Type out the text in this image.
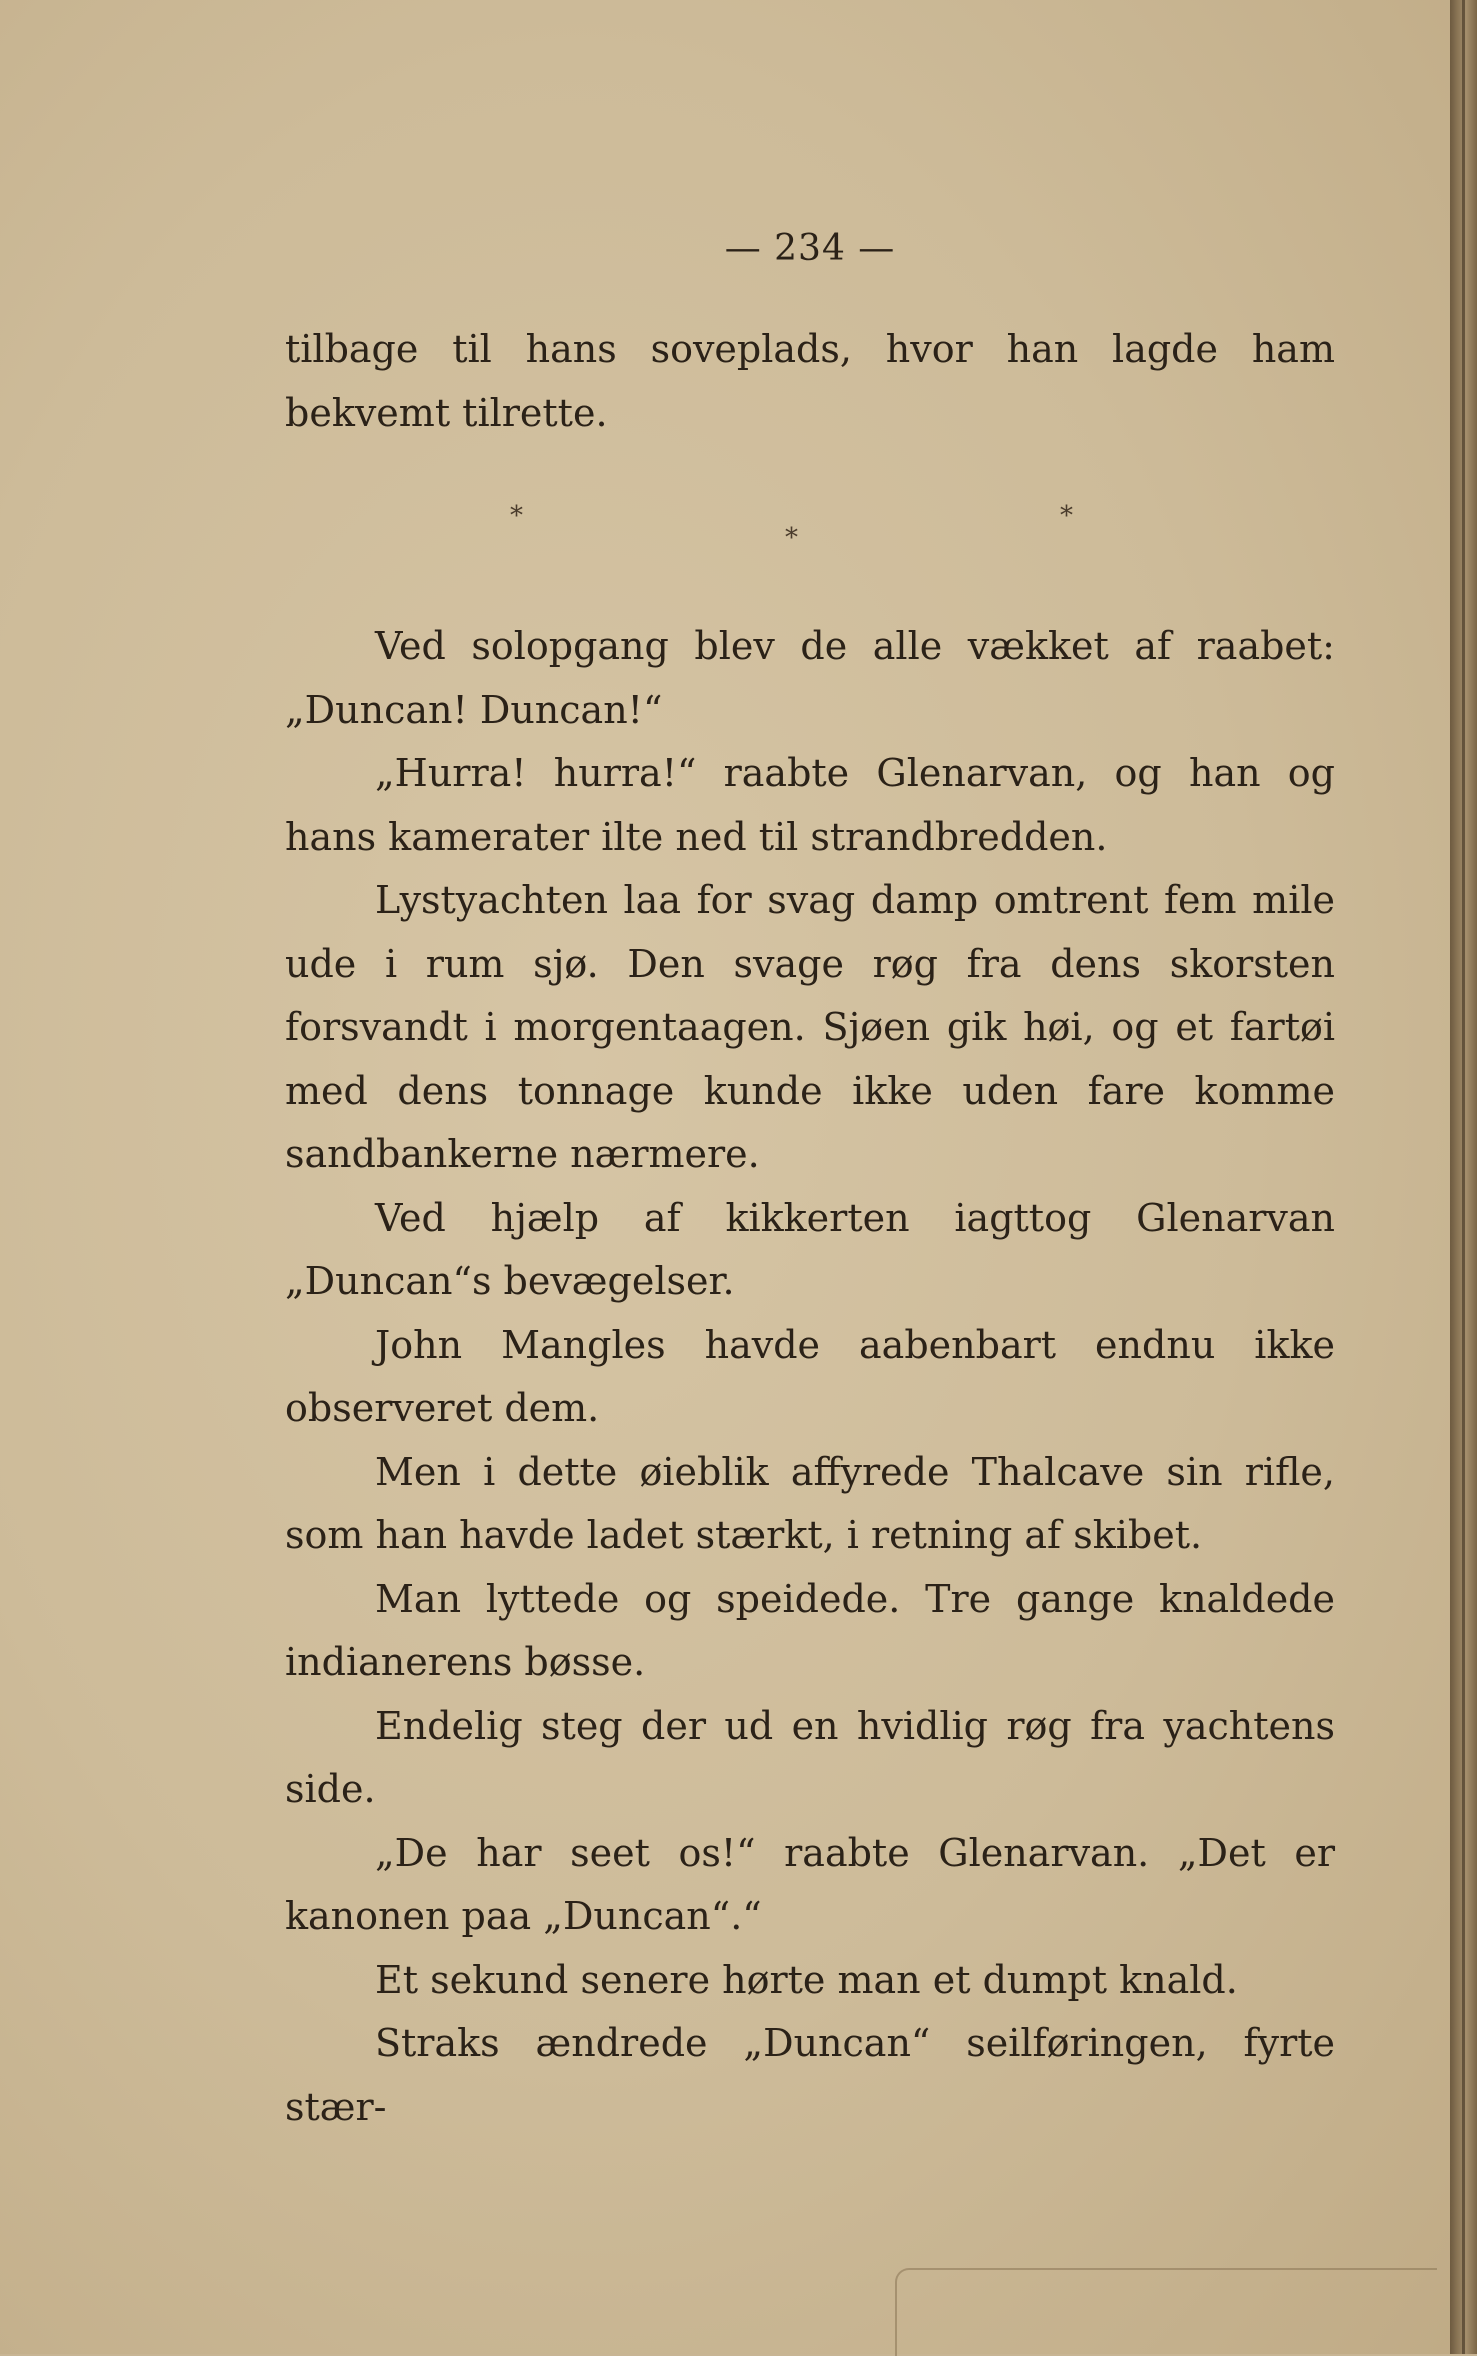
— 234 —

tilbage til hans soveplads, hvor han lagde ham bekvemt tilrette.

*
*
*

Ved solopgang blev de alle vækket af raabet: „Duncan! Duncan!“

„Hurra! hurra!“ raabte Glenarvan, og han og hans kamerater ilte ned til strandbredden.

Lystyachten laa for svag damp omtrent fem mile ude i rum sjø. Den svage røg fra dens skorsten forsvandt i morgentaagen. Sjøen gik høi, og et fartøi med dens tonnage kunde ikke uden fare komme sandbankerne nærmere.

Ved hjælp af kikkerten iagttog Glenarvan „Duncan“s bevægelser.

John Mangles havde aabenbart endnu ikke observeret dem.

Men i dette øieblik affyrede Thalcave sin rifle, som han havde ladet stærkt, i retning af skibet.

Man lyttede og speidede. Tre gange knaldede indianerens bøsse.

Endelig steg der ud en hvidlig røg fra yachtens side.

„De har seet os!“ raabte Glenarvan. „Det er kanonen paa „Duncan“.“

Et sekund senere hørte man et dumpt knald.

Straks ændrede „Duncan“ seilføringen, fyrte stær-
